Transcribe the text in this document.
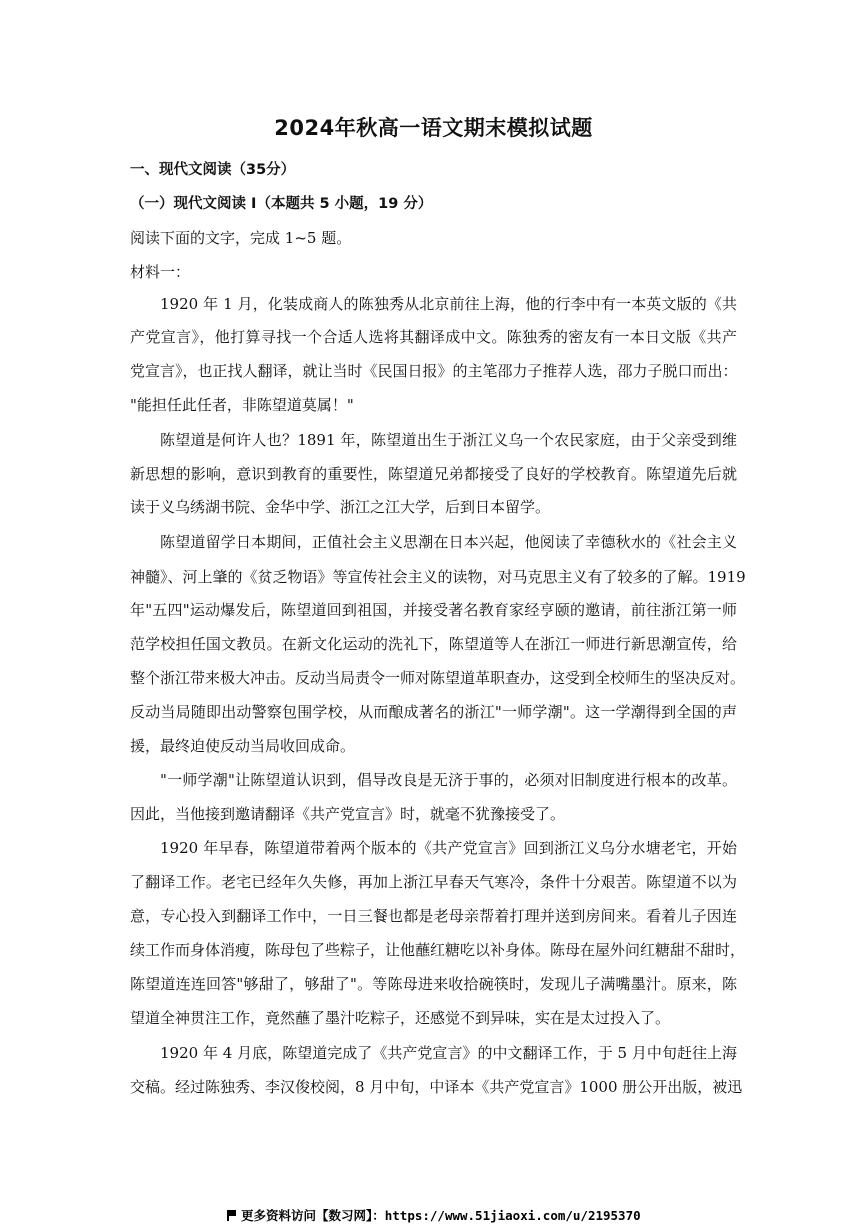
2024年秋高一语文期末模拟试题
一、现代文阅读（35分）
（一）现代文阅读 I（本题共 5 小题，19 分）
阅读下面的文字，完成 1~5 题。
材料一：
1920 年 1 月，化装成商人的陈独秀从北京前往上海，他的行李中有一本英文版的《共
产党宣言》，他打算寻找一个合适人选将其翻译成中文。陈独秀的密友有一本日文版《共产
党宣言》，也正找人翻译，就让当时《民国日报》的主笔邵力子推荐人选，邵力子脱口而出：
"能担任此任者，非陈望道莫属！"
陈望道是何许人也？1891 年，陈望道出生于浙江义乌一个农民家庭，由于父亲受到维
新思想的影响，意识到教育的重要性，陈望道兄弟都接受了良好的学校教育。陈望道先后就
读于义乌绣湖书院、金华中学、浙江之江大学，后到日本留学。
陈望道留学日本期间，正值社会主义思潮在日本兴起，他阅读了幸德秋水的《社会主义
神髓》、河上肇的《贫乏物语》等宣传社会主义的读物，对马克思主义有了较多的了解。1919
年"五四"运动爆发后，陈望道回到祖国，并接受著名教育家经亨颐的邀请，前往浙江第一师
范学校担任国文教员。在新文化运动的洗礼下，陈望道等人在浙江一师进行新思潮宣传，给
整个浙江带来极大冲击。反动当局责令一师对陈望道革职查办，这受到全校师生的坚决反对。
反动当局随即出动警察包围学校，从而酿成著名的浙江"一师学潮"。这一学潮得到全国的声
援，最终迫使反动当局收回成命。
"一师学潮"让陈望道认识到，倡导改良是无济于事的，必须对旧制度进行根本的改革。
因此，当他接到邀请翻译《共产党宣言》时，就毫不犹豫接受了。
1920 年早春，陈望道带着两个版本的《共产党宣言》回到浙江义乌分水塘老宅，开始
了翻译工作。老宅已经年久失修，再加上浙江早春天气寒冷，条件十分艰苦。陈望道不以为
意，专心投入到翻译工作中，一日三餐也都是老母亲帮着打理并送到房间来。看着儿子因连
续工作而身体消瘦，陈母包了些粽子，让他蘸红糖吃以补身体。陈母在屋外问红糖甜不甜时，
陈望道连连回答"够甜了，够甜了"。等陈母进来收拾碗筷时，发现儿子满嘴墨汁。原来，陈
望道全神贯注工作，竟然蘸了墨汁吃粽子，还感觉不到异味，实在是太过投入了。
1920 年 4 月底，陈望道完成了《共产党宣言》的中文翻译工作，于 5 月中旬赶往上海
交稿。经过陈独秀、李汉俊校阅，8 月中旬，中译本《共产党宣言》1000 册公开出版，被迅
更多资料访问【数习网】：https://www.51jiaoxi.com/u/2195370
